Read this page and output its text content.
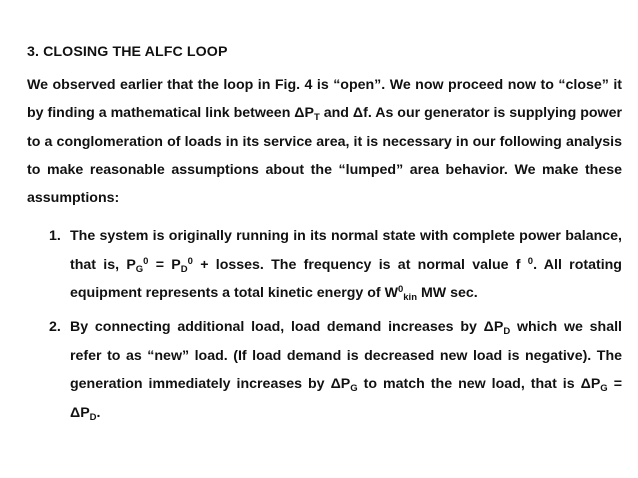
3. CLOSING THE ALFC LOOP

We observed earlier that the loop in Fig. 4 is “open”. We now proceed now to “close” it by finding a mathematical link between $\Delta P_T$ and Δf. As our generator is supplying power to a conglomeration of loads in its service area, it is necessary in our following analysis to make reasonable assumptions about the “lumped” area behavior. We make these assumptions:

1. The system is originally running in its normal state with complete power balance, that is, $P_G^0 = P_D^0$ + losses. The frequency is at normal value f $^0$. All rotating equipment represents a total kinetic energy of $W^0_{kin}$ MW sec.
2. By connecting additional load, load demand increases by $\Delta P_D$ which we shall refer to as “new” load. (If load demand is decreased new load is negative). The generation immediately increases by $\Delta P_G$ to match the new load, that is $\Delta P_G = \Delta P_D$.
